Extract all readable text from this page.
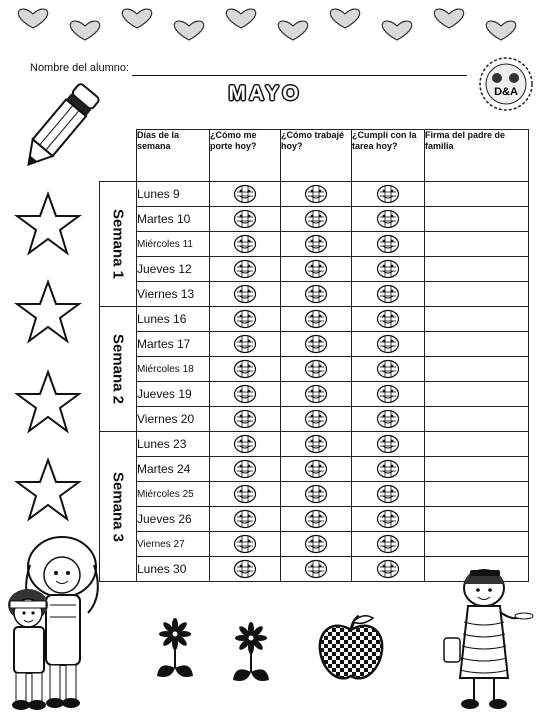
Nombre del alumno:
D&A
MAYO
	Días de la semana	¿Cómo me porte hoy?	¿Cómo trabajé hoy?	¿Cumplí con la tarea hoy?	Firma del padre de familia

Semana 1	Lunes 9	

	Martes 10	

	Miércoles 11	

	Jueves 12	

	Viernes 13	

Semana 2	Lunes 16	

	Martes 17	

	Miércoles 18	

	Jueves 19	

	Viernes 20	

Semana 3	Lunes 23	

	Martes 24	

	Miércoles 25	

	Jueves 26	

	Viernes 27	

	Lunes 30	
